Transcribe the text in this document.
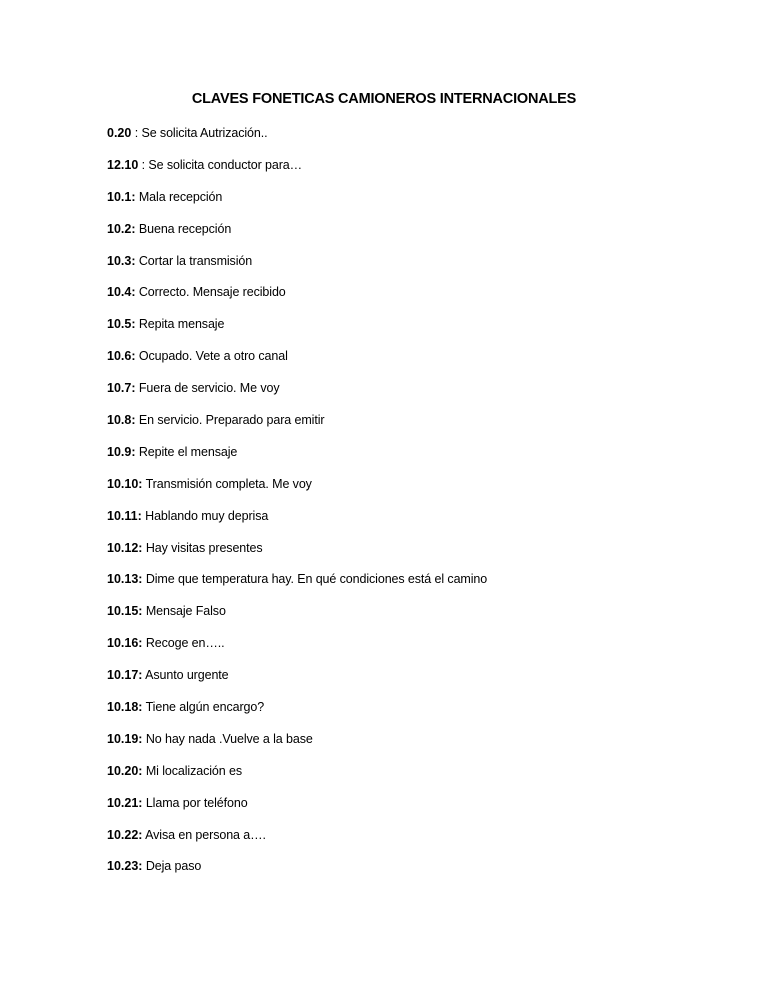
CLAVES FONETICAS CAMIONEROS INTERNACIONALES
0.20 : Se solicita Autrización..
12.10 : Se solicita conductor para…
10.1: Mala recepción
10.2: Buena recepción
10.3: Cortar la transmisión
10.4: Correcto. Mensaje recibido
10.5: Repita mensaje
10.6: Ocupado. Vete a otro canal
10.7: Fuera de servicio. Me voy
10.8: En servicio. Preparado para emitir
10.9: Repite el mensaje
10.10: Transmisión completa. Me voy
10.11: Hablando muy deprisa
10.12: Hay visitas presentes
10.13: Dime que temperatura hay. En qué condiciones está el camino
10.15: Mensaje Falso
10.16: Recoge en…..
10.17: Asunto urgente
10.18: Tiene algún encargo?
10.19: No hay nada .Vuelve a la base
10.20: Mi localización es
10.21: Llama por teléfono
10.22: Avisa en persona a….
10.23: Deja paso
